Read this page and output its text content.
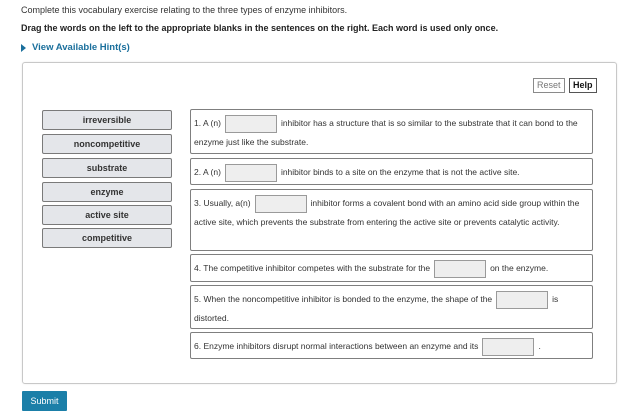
Complete this vocabulary exercise relating to the three types of enzyme inhibitors.
Drag the words on the left to the appropriate blanks in the sentences on the right. Each word is used only once.
View Available Hint(s)
Reset	Help
irreversible
noncompetitive
substrate
enzyme
active site
competitive
1. A (n)	inhibitor has a structure that is so similar to the substrate that it can bond to the enzyme just like the substrate.
2. A (n)	inhibitor binds to a site on the enzyme that is not the active site.
3. Usually, a(n)	inhibitor forms a covalent bond with an amino acid side group within the active site, which prevents the substrate from entering the active site or prevents catalytic activity.
4. The competitive inhibitor competes with the substrate for the	on the enzyme.
5. When the noncompetitive inhibitor is bonded to the enzyme, the shape of the	is distorted.
6. Enzyme inhibitors disrupt normal interactions between an enzyme and its	.
Submit
